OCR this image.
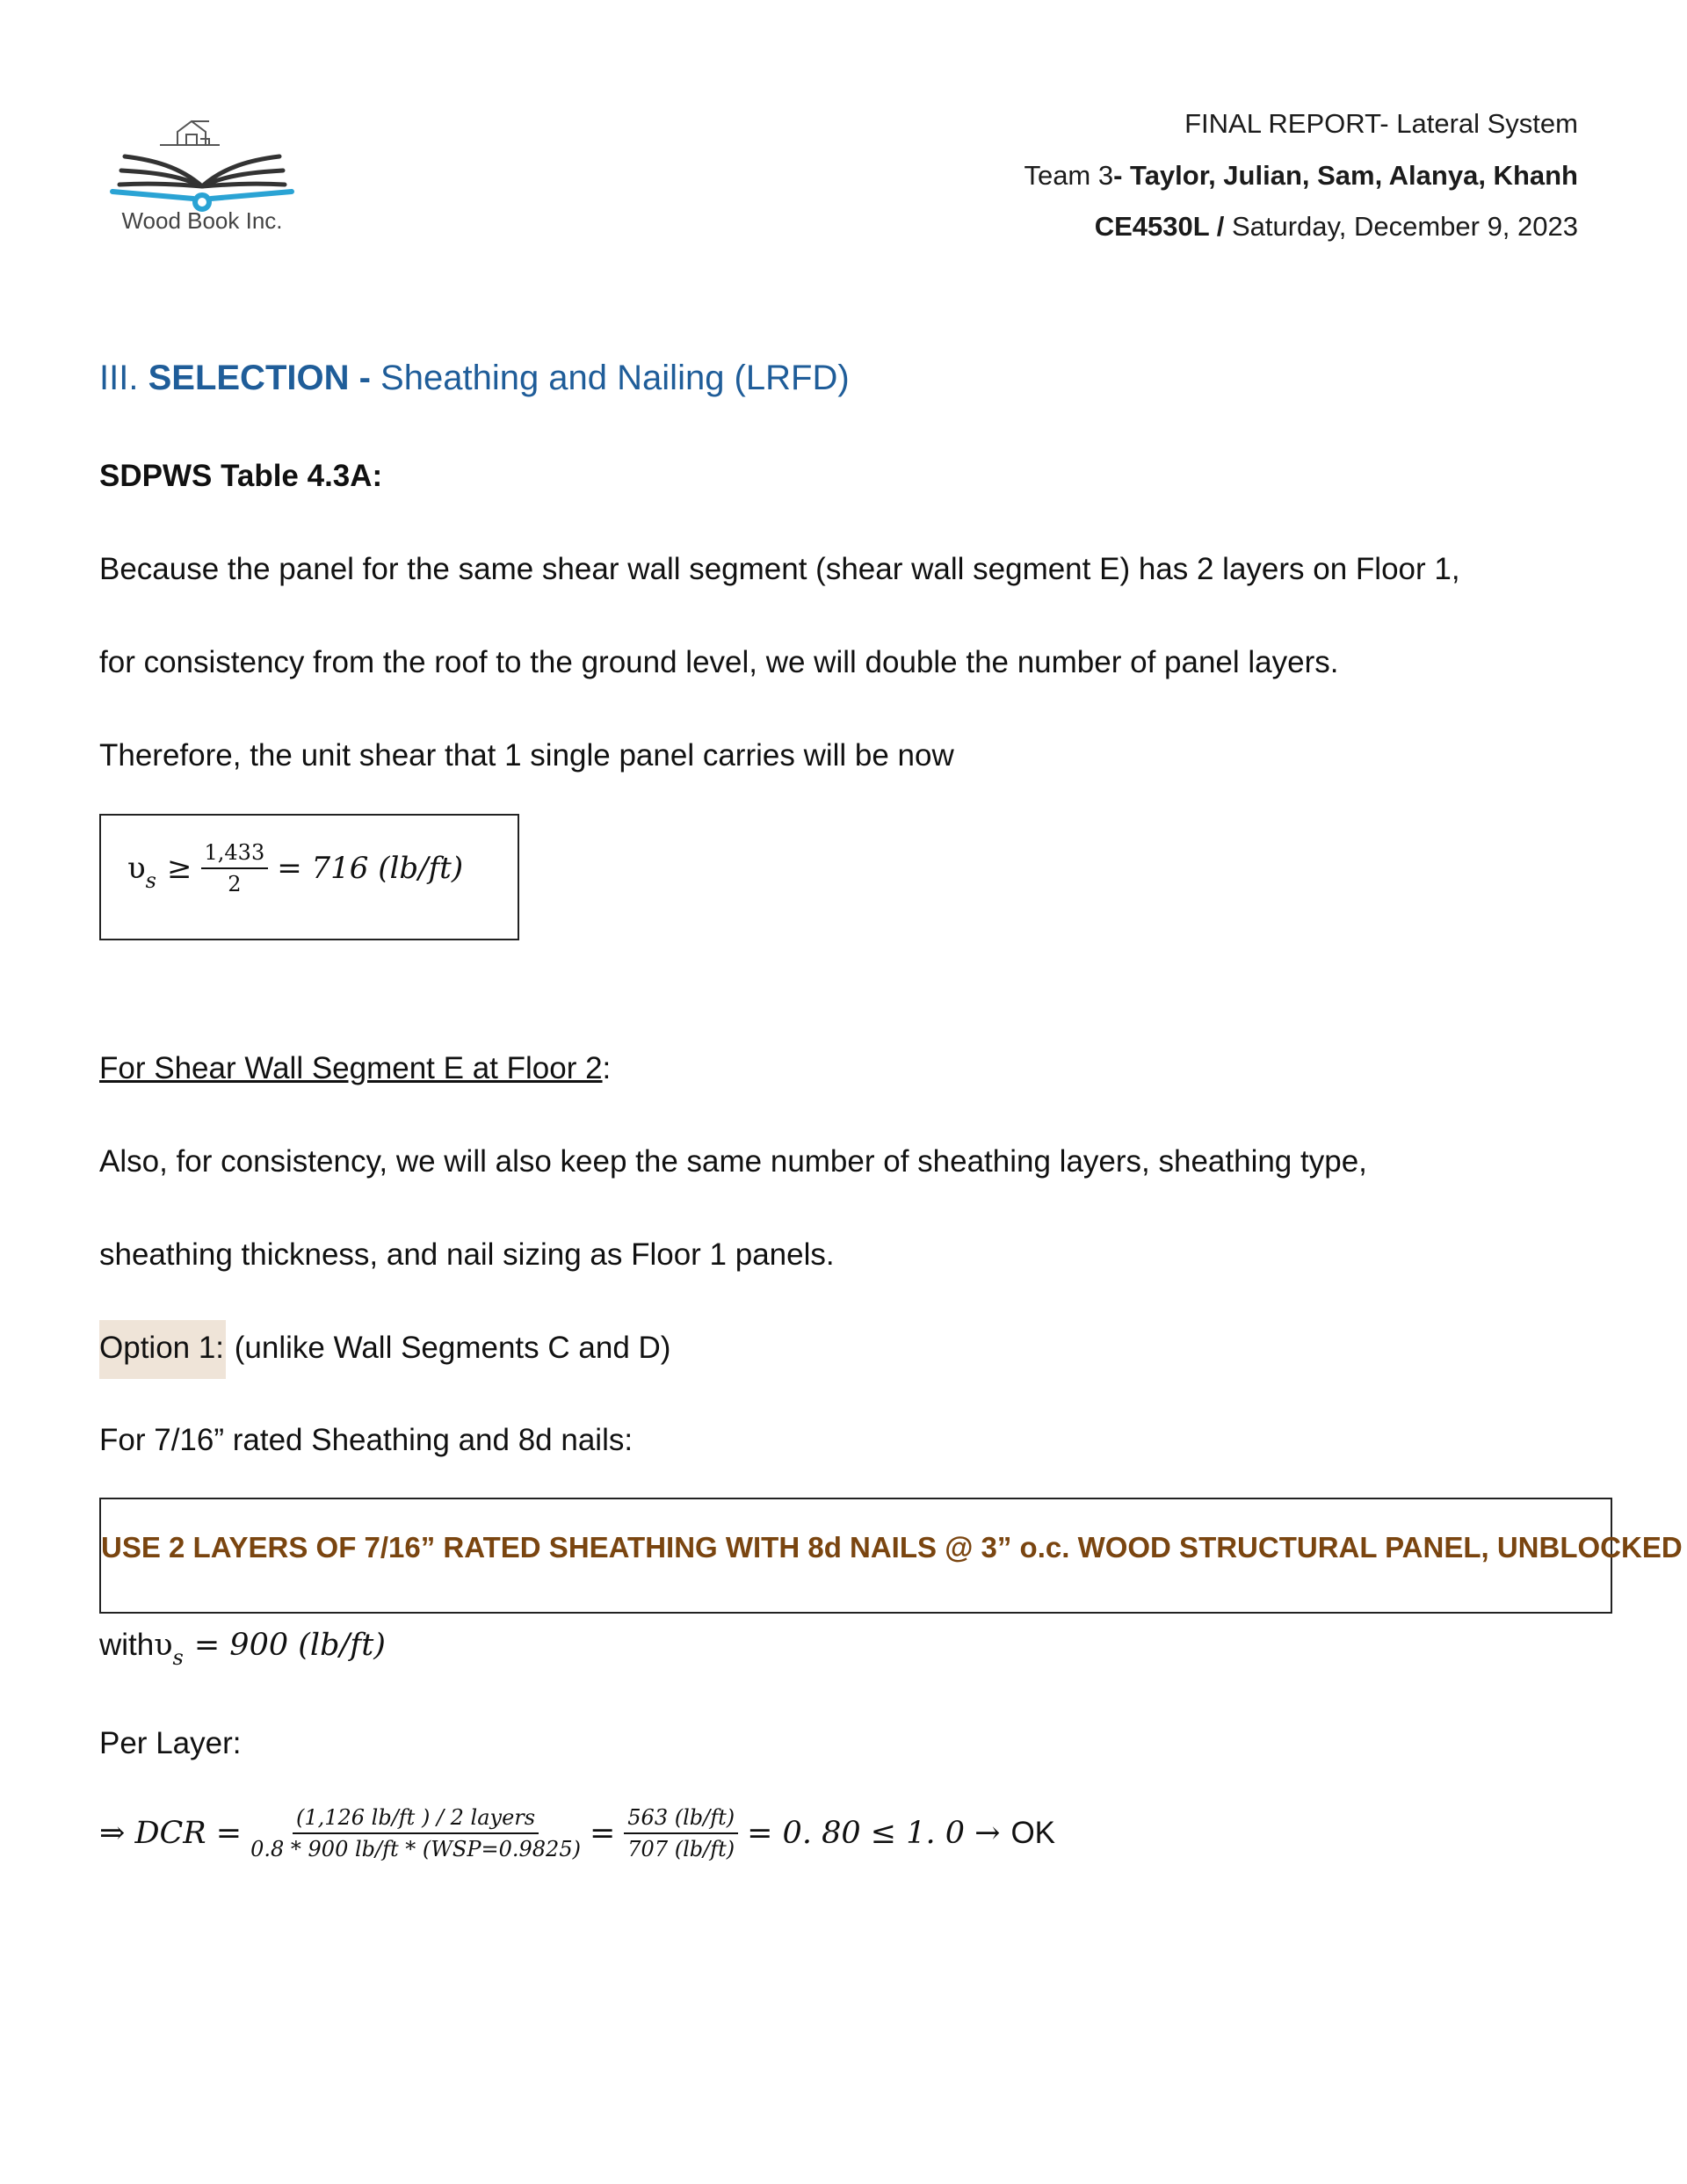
Wood Book Inc.
FINAL REPORT- Lateral System
Team 3- Taylor, Julian, Sam, Alanya, Khanh
CE4530L / Saturday, December 9, 2023
III. SELECTION - Sheathing and Nailing (LRFD)
SDPWS Table 4.3A:
Because the panel for the same shear wall segment (shear wall segment E) has 2 layers on Floor 1,
for consistency from the roof to the ground level, we will double the number of panel layers.
Therefore, the unit shear that 1 single panel carries will be now
υ $s \ge \frac{1,433}{2} = 716$ (lb/ft)
For Shear Wall Segment E at Floor 2:
Also, for consistency, we will also keep the same number of sheathing layers, sheathing type,
sheathing thickness, and nail sizing as Floor 1 panels.
Option 1: (unlike Wall Segments C and D)
For 7/16” rated Sheathing and 8d nails:
USE 2 LAYERS OF 7/16” RATED SHEATHING WITH 8d NAILS @ 3” o.c. WOOD STRUCTURAL PANEL, UNBLOCKED
with υ s = 900 (lb/ft)
Per Layer:
⇒ DCR = $\frac{\text{(1,126 lb/ft ) / 2 layers}}{\text{0.8 * 900 lb/ft * (WSP=0.9825)}} = \frac{563 (lb/ft)}{707 (lb/ft)} = 0$. 80 ≤ 1. 0 → OK
